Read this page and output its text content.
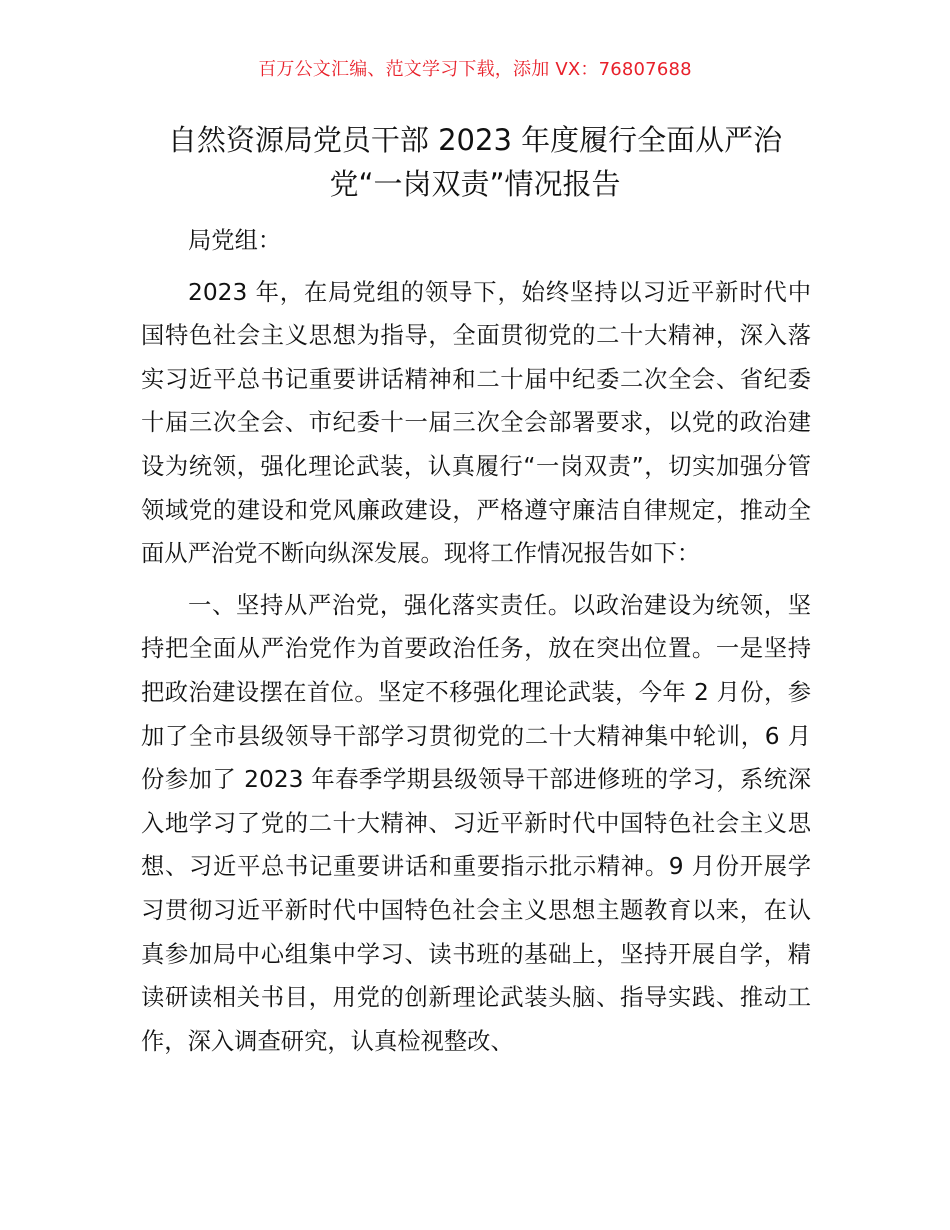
百万公文汇编、范文学习下载，添加 VX：76807688
自然资源局党员干部 2023 年度履行全面从严治
党“一岗双责”情况报告

局党组：

2023 年，在局党组的领导下，始终坚持以习近平新时代中国特色社会主义思想为指导，全面贯彻党的二十大精神，深入落实习近平总书记重要讲话精神和二十届中纪委二次全会、省纪委十届三次全会、市纪委十一届三次全会部署要求，以党的政治建设为统领，强化理论武装，认真履行“一岗双责”，切实加强分管领域党的建设和党风廉政建设，严格遵守廉洁自律规定，推动全面从严治党不断向纵深发展。现将工作情况报告如下：

一、坚持从严治党，强化落实责任。以政治建设为统领，坚持把全面从严治党作为首要政治任务，放在突出位置。一是坚持把政治建设摆在首位。坚定不移强化理论武装，今年 2 月份，参加了全市县级领导干部学习贯彻党的二十大精神集中轮训，6 月份参加了 2023 年春季学期县级领导干部进修班的学习，系统深入地学习了党的二十大精神、习近平新时代中国特色社会主义思想、习近平总书记重要讲话和重要指示批示精神。9 月份开展学习贯彻习近平新时代中国特色社会主义思想主题教育以来，在认真参加局中心组集中学习、读书班的基础上，坚持开展自学，精读研读相关书目，用党的创新理论武装头脑、指导实践、推动工作，深入调查研究，认真检视整改、
